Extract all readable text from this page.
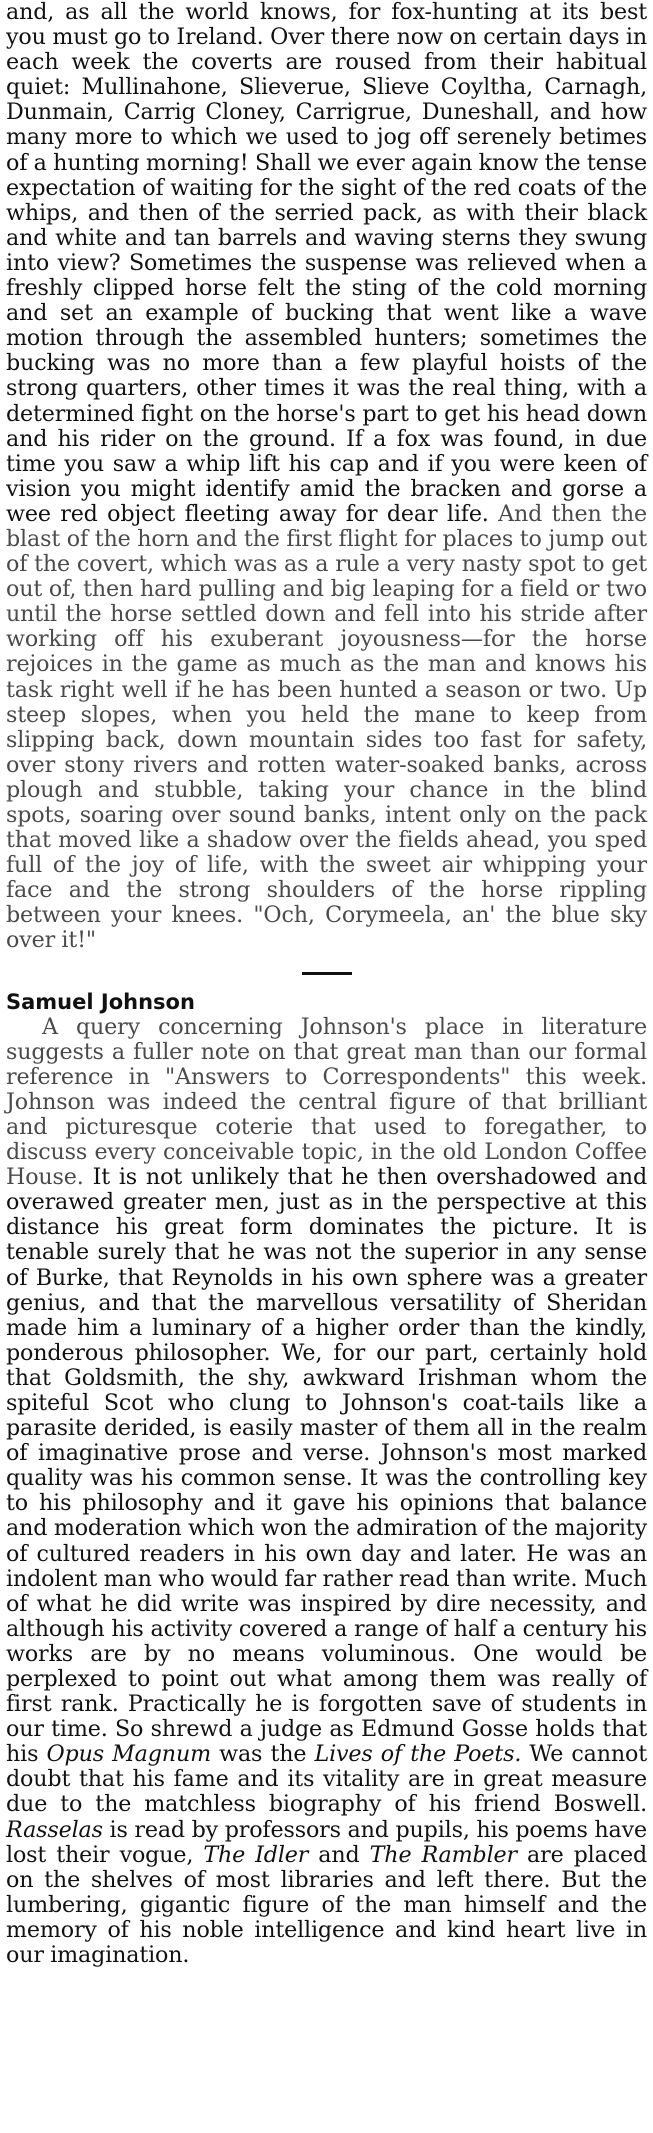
and, as all the world knows, for fox-hunting at its best you must go to Ireland. Over there now on certain days in each week the coverts are roused from their habitual quiet: Mullinahone, Slieverue, Slieve Coyltha, Carnagh, Dunmain, Carrig Cloney, Carrigrue, Duneshall, and how many more to which we used to jog off serenely betimes of a hunting morning! Shall we ever again know the tense expectation of waiting for the sight of the red coats of the whips, and then of the serried pack, as with their black and white and tan barrels and waving sterns they swung into view? Sometimes the suspense was relieved when a freshly clipped horse felt the sting of the cold morning and set an example of bucking that went like a wave motion through the assembled hunters; sometimes the bucking was no more than a few playful hoists of the strong quarters, other times it was the real thing, with a determined fight on the horse's part to get his head down and his rider on the ground. If a fox was found, in due time you saw a whip lift his cap and if you were keen of vision you might identify amid the bracken and gorse a wee red object fleeting away for dear life. And then the blast of the horn and the first flight for places to jump out of the covert, which was as a rule a very nasty spot to get out of, then hard pulling and big leaping for a field or two until the horse settled down and fell into his stride after working off his exuberant joyousness—for the horse rejoices in the game as much as the man and knows his task right well if he has been hunted a season or two. Up steep slopes, when you held the mane to keep from slipping back, down mountain sides too fast for safety, over stony rivers and rotten water-soaked banks, across plough and stubble, taking your chance in the blind spots, soaring over sound banks, intent only on the pack that moved like a shadow over the fields ahead, you sped full of the joy of life, with the sweet air whipping your face and the strong shoulders of the horse rippling between your knees. "Och, Corymeela, an' the blue sky over it!"

Samuel Johnson

A query concerning Johnson's place in literature suggests a fuller note on that great man than our formal reference in "Answers to Correspondents" this week. Johnson was indeed the central figure of that brilliant and picturesque coterie that used to foregather, to discuss every conceivable topic, in the old London Coffee House. It is not unlikely that he then overshadowed and overawed greater men, just as in the perspective at this distance his great form dominates the picture. It is tenable surely that he was not the superior in any sense of Burke, that Reynolds in his own sphere was a greater genius, and that the marvellous versatility of Sheridan made him a luminary of a higher order than the kindly, ponderous philosopher. We, for our part, certainly hold that Goldsmith, the shy, awkward Irishman whom the spiteful Scot who clung to Johnson's coat-tails like a parasite derided, is easily master of them all in the realm of imaginative prose and verse. Johnson's most marked quality was his common sense. It was the controlling key to his philosophy and it gave his opinions that balance and moderation which won the admiration of the majority of cultured readers in his own day and later. He was an indolent man who would far rather read than write. Much of what he did write was inspired by dire necessity, and although his activity covered a range of half a century his works are by no means voluminous. One would be perplexed to point out what among them was really of first rank. Practically he is forgotten save of students in our time. So shrewd a judge as Edmund Gosse holds that his Opus Magnum was the Lives of the Poets. We cannot doubt that his fame and its vitality are in great measure due to the matchless biography of his friend Boswell. Rasselas is read by professors and pupils, his poems have lost their vogue, The Idler and The Rambler are placed on the shelves of most libraries and left there. But the lumbering, gigantic figure of the man himself and the memory of his noble intelligence and kind heart live in our imagination.
